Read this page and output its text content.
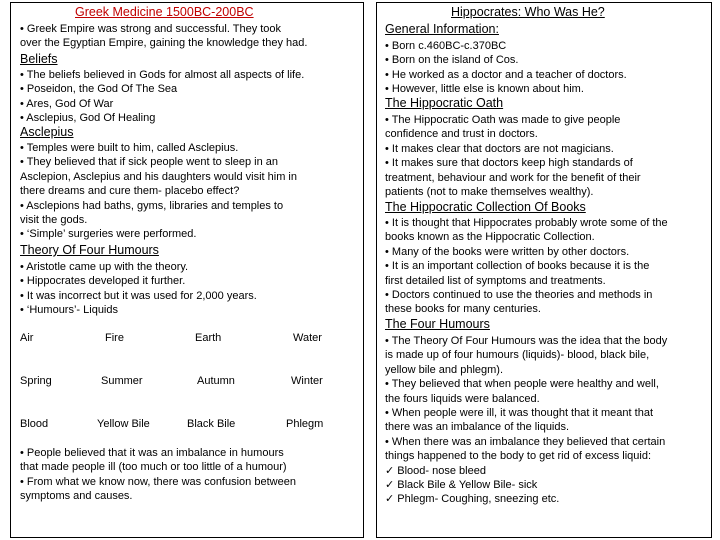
Greek Medicine 1500BC-200BC
• Greek Empire was strong and successful. They took
over the Egyptian Empire, gaining the knowledge they had.
Beliefs
• The beliefs believed in Gods for almost all aspects of life.
• Poseidon, the God Of The Sea
• Ares, God Of War
• Asclepius, God Of Healing
Asclepius
• Temples were built to him, called Asclepius.
• They believed that if sick people went to sleep in an
Asclepion, Asclepius and his daughters would visit him in
there dreams and cure them- placebo effect?
• Asclepions had baths, gyms, libraries and temples to
visit the gods.
• ‘Simple’ surgeries were performed.
Theory Of Four Humours
• Aristotle came up with the theory.
• Hippocrates developed it further.
• It was incorrect but it was used for 2,000 years.
• ‘Humours’- Liquids
Air	Fire	Earth	Water
Spring	Summer	Autumn	Winter
Blood	Yellow Bile	Black Bile	Phlegm
• People believed that it was an imbalance in humours
that made people ill (too much or too little of a humour)
• From what we know now, there was confusion between
symptoms and causes.
Hippocrates: Who Was He?
General Information:
• Born c.460BC-c.370BC
• Born on the island of Cos.
• He worked as a doctor and a teacher of doctors.
• However, little else is known about him.
The Hippocratic Oath
• The Hippocratic Oath was made to give people
confidence and trust in doctors.
• It makes clear that doctors are not magicians.
• It makes sure that doctors keep high standards of
treatment, behaviour and work for the benefit of their
patients (not to make themselves wealthy).
The Hippocratic Collection Of Books
• It is thought that Hippocrates probably wrote some of the
books known as the Hippocratic Collection.
• Many of the books were written by other doctors.
• It is an important collection of books because it is the
first detailed list of symptoms and treatments.
• Doctors continued to use the theories and methods in
these books for many centuries.
The Four Humours
• The Theory Of Four Humours was the idea that the body
is made up of four humours (liquids)- blood, black bile,
yellow bile and phlegm).
• They believed that when people were healthy and well,
the fours liquids were balanced.
• When people were ill, it was thought that it meant that
there was an imbalance of the liquids.
• When there was an imbalance they believed that certain
things happened to the body to get rid of excess liquid:
✓ Blood- nose bleed
✓ Black Bile & Yellow Bile- sick
✓ Phlegm- Coughing, sneezing etc.
